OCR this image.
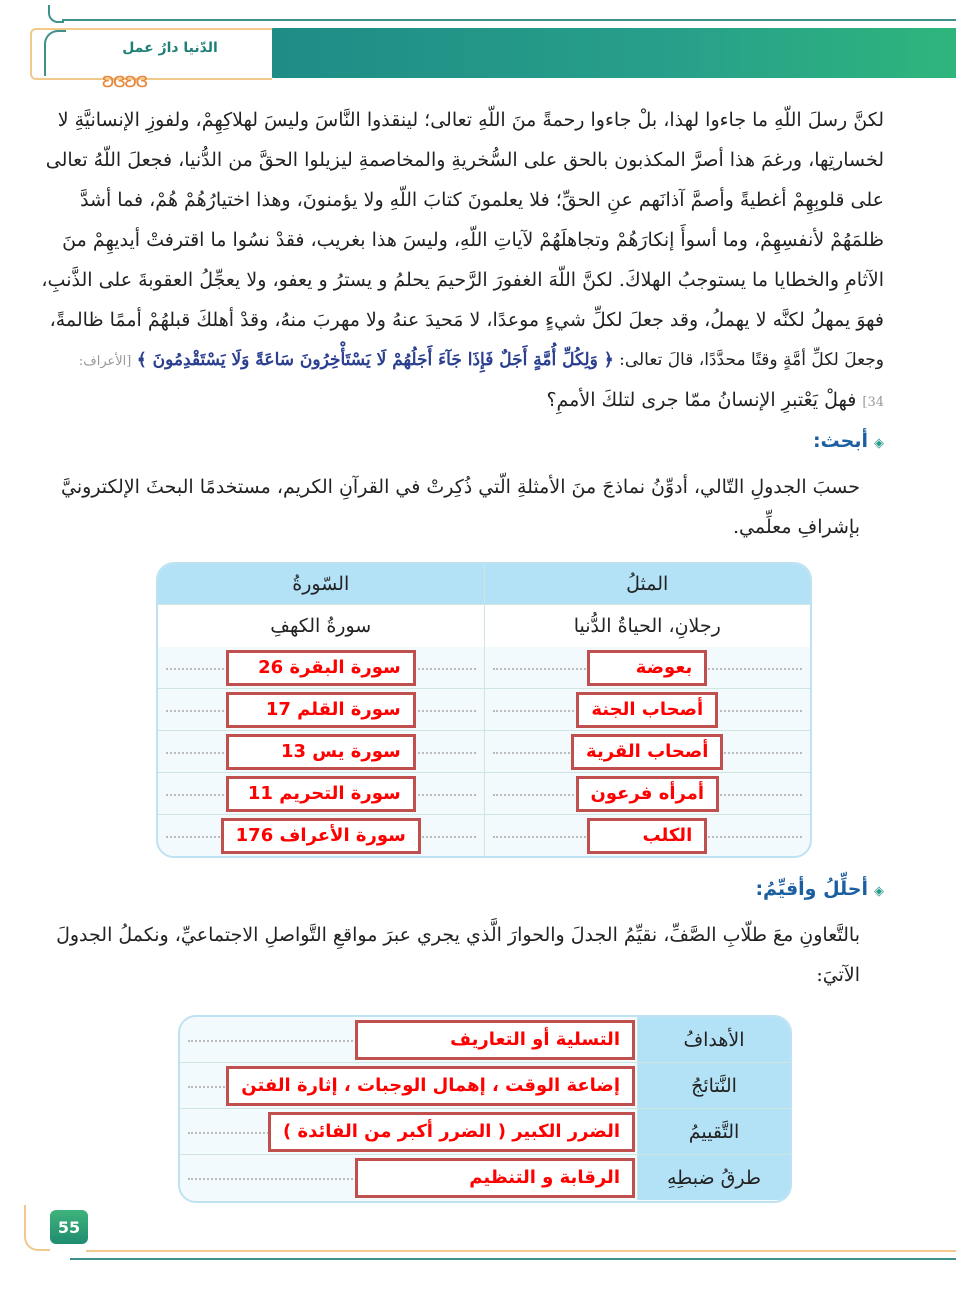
الدّنيا دارُ عمل
ʚɞʚɞ
لكنَّ رسلَ اللّهِ ما جاءوا لهذا، بلْ جاءوا رحمةً منَ اللّهِ تعالى؛ لينقذوا النَّاسَ وليسَ لهلاكِهِمْ، ولفوزِ الإنسانيَّةِ لا
لخسارتِها، ورغمَ هذا أصرَّ المكذبون بالحق على السُّخريةِ والمخاصمةِ ليزيلوا الحقَّ من الدُّنيا، فجعلَ اللّهُ تعالى
على قلوبِهِمْ أغطيةً وأصمَّ آذانَهم عنِ الحقِّ؛ فلا يعلمونَ كتابَ اللّهِ ولا يؤمنونَ، وهذا اختيارُهُمْ هُمْ، فما أشدَّ
ظلمَهُمْ لأنفسِهِمْ، وما أسوأَ إنكارَهُمْ وتجاهلَهُمْ لآياتِ اللّهِ، وليسَ هذا بغريب، فقدْ نسُوا ما اقترفتْ أيديهِمْ منَ
الآثامِ والخطايا ما يستوجبُ الهلاكَ. لكنَّ اللّهَ الغفورَ الرَّحيمَ يحلمُ و يسترُ و يعفو، ولا يعجِّلُ العقوبةَ على الذَّنبِ،
فهوَ يمهلُ لكنَّه لا يهملُ، وقد جعلَ لكلِّ شيءٍ موعدًا، لا مَحيدَ عنهُ ولا مهربَ منهُ، وقدْ أهلكَ قبلهُمْ أممًا ظالمةً،
وجعلَ لكلِّ أمَّةٍ وقتًا محدَّدًا، قالَ تعالى: ﴿ وَلِكُلِّ أُمَّةٍ أَجَلٌ فَإِذَا جَآءَ أَجَلُهُمْ لَا يَسْتَأْخِرُونَ سَاعَةً وَلَا يَسْتَقْدِمُونَ ﴾ [الأعراف:
34] فهلْ يَعْتبرِ الإنسانُ ممّا جرى لتلكَ الأممِ؟
◈أبحث:
حسبَ الجدولِ التّالي، أدوِّنُ نماذجَ منَ الأمثلةِ الّتي ذُكِرتْ في القرآنِ الكريم، مستخدمًا البحثَ الإلكترونيَّ
بإشرافِ معلِّمي.
المثلُ
السّورةُ
رجلانِ، الحياةُ الدُّنيا
سورةُ الكهفِ
بعوضة
سورة البقرة 26
أصحاب الجنة
سورة القلم 17
أصحاب القرية
سورة يس 13
أمرأه فرعون
سورة التحريم 11
الكلب
سورة الأعراف 176
◈أحلِّلُ وأقيِّمُ:
بالتَّعاونِ معَ طلّابِ الصَّفِّ، نقيِّمُ الجدلَ والحوارَ الَّذي يجري عبرَ مواقعِ التَّواصلِ الاجتماعيِّ، ونكملُ الجدولَ
الآتيَ:
الأهدافُ
التسلية أو التعاريف
النَّتائجُ
إضاعة الوقت ، إهمال الوجبات ، إثارة الفتن
التَّقييمُ
الضرر الكبير ( الضرر أكبر من الفائدة )
طرقُ ضبطِهِ
الرقابة و التنظيم
55
